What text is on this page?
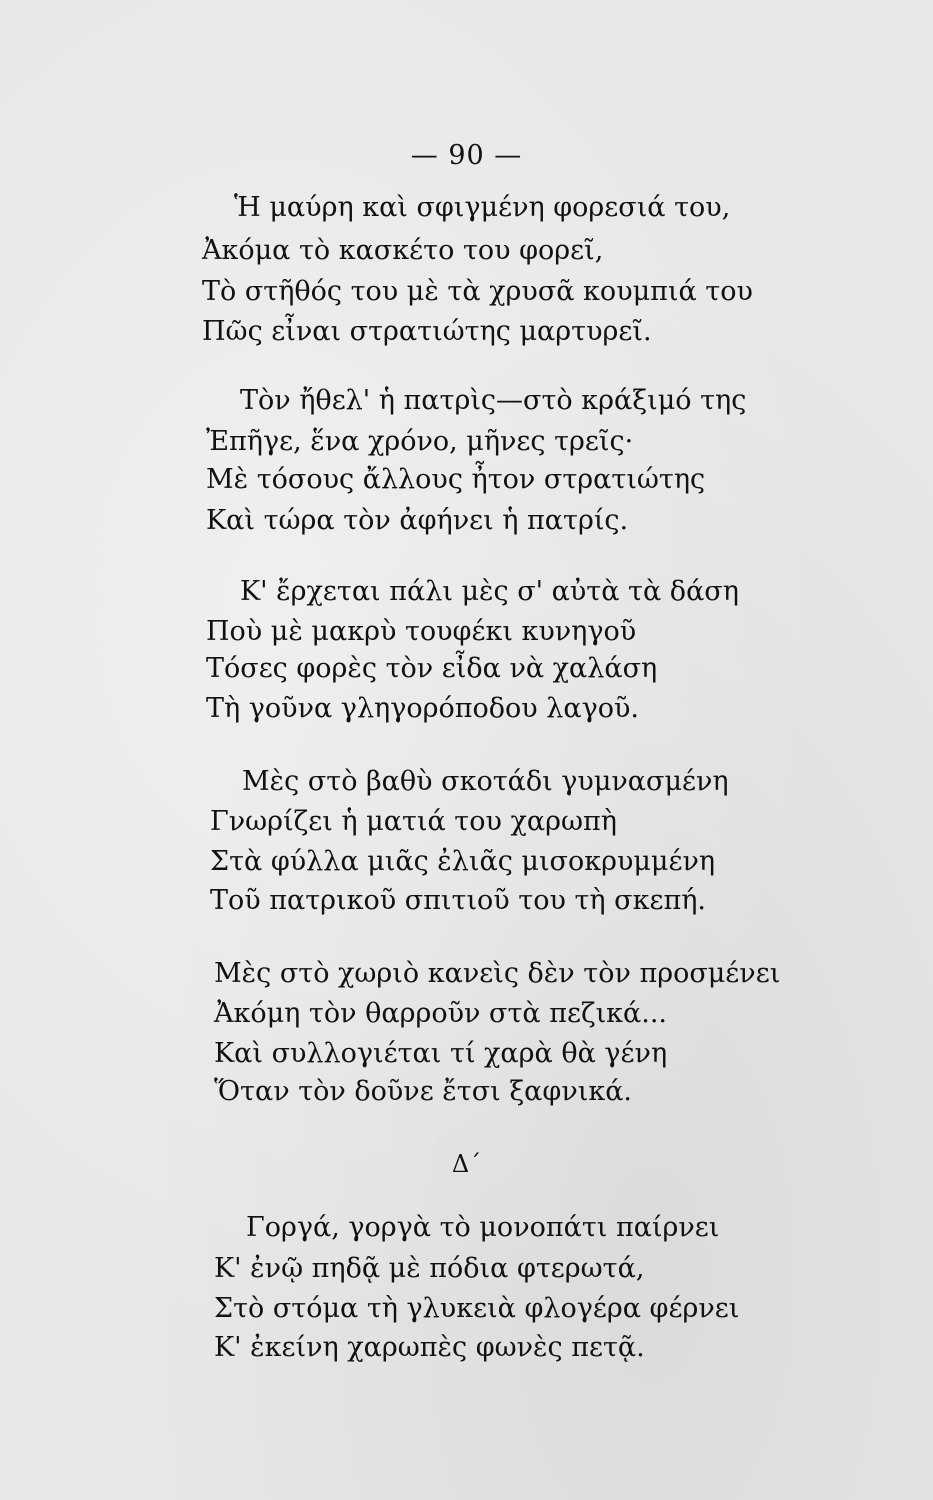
— 90 —
Ἡ μαύρη καὶ σφιγμένη φορεσιά του,
Ἀκόμα τὸ κασκέτο του φορεῖ,
Τὸ στῆθός του μὲ τὰ χρυσᾶ κουμπιά του
Πῶς εἶναι στρατιώτης μαρτυρεῖ.
Τὸν ἤθελ' ἡ πατρὶς—στὸ κράξιμό της
Ἐπῆγε, ἕνα χρόνο, μῆνες τρεῖς·
Μὲ τόσους ἄλλους ἦτον στρατιώτης
Καὶ τώρα τὸν ἀφήνει ἡ πατρίς.
Κ' ἔρχεται πάλι μὲς σ' αὐτὰ τὰ δάση
Ποὺ μὲ μακρὺ τουφέκι κυνηγοῦ
Τόσες φορὲς τὸν εἶδα νὰ χαλάση
Τὴ γοῦνα γληγορόποδου λαγοῦ.
Μὲς στὸ βαθὺ σκοτάδι γυμνασμένη
Γνωρίζει ἡ ματιά του χαρωπὴ
Στὰ φύλλα μιᾶς ἐλιᾶς μισοκρυμμένη
Τοῦ πατρικοῦ σπιτιοῦ του τὴ σκεπή.
Μὲς στὸ χωριὸ κανεὶς δὲν τὸν προσμένει
Ἀκόμη τὸν θαρροῦν στὰ πεζικά...
Καὶ συλλογιέται τί χαρὰ θὰ γένη
Ὅταν τὸν δοῦνε ἔτσι ξαφνικά.
Δ΄
Γοργά, γοργὰ τὸ μονοπάτι παίρνει
Κ' ἐνῷ πηδᾷ μὲ πόδια φτερωτά,
Στὸ στόμα τὴ γλυκειὰ φλογέρα φέρνει
Κ' ἐκείνη χαρωπὲς φωνὲς πετᾷ.
